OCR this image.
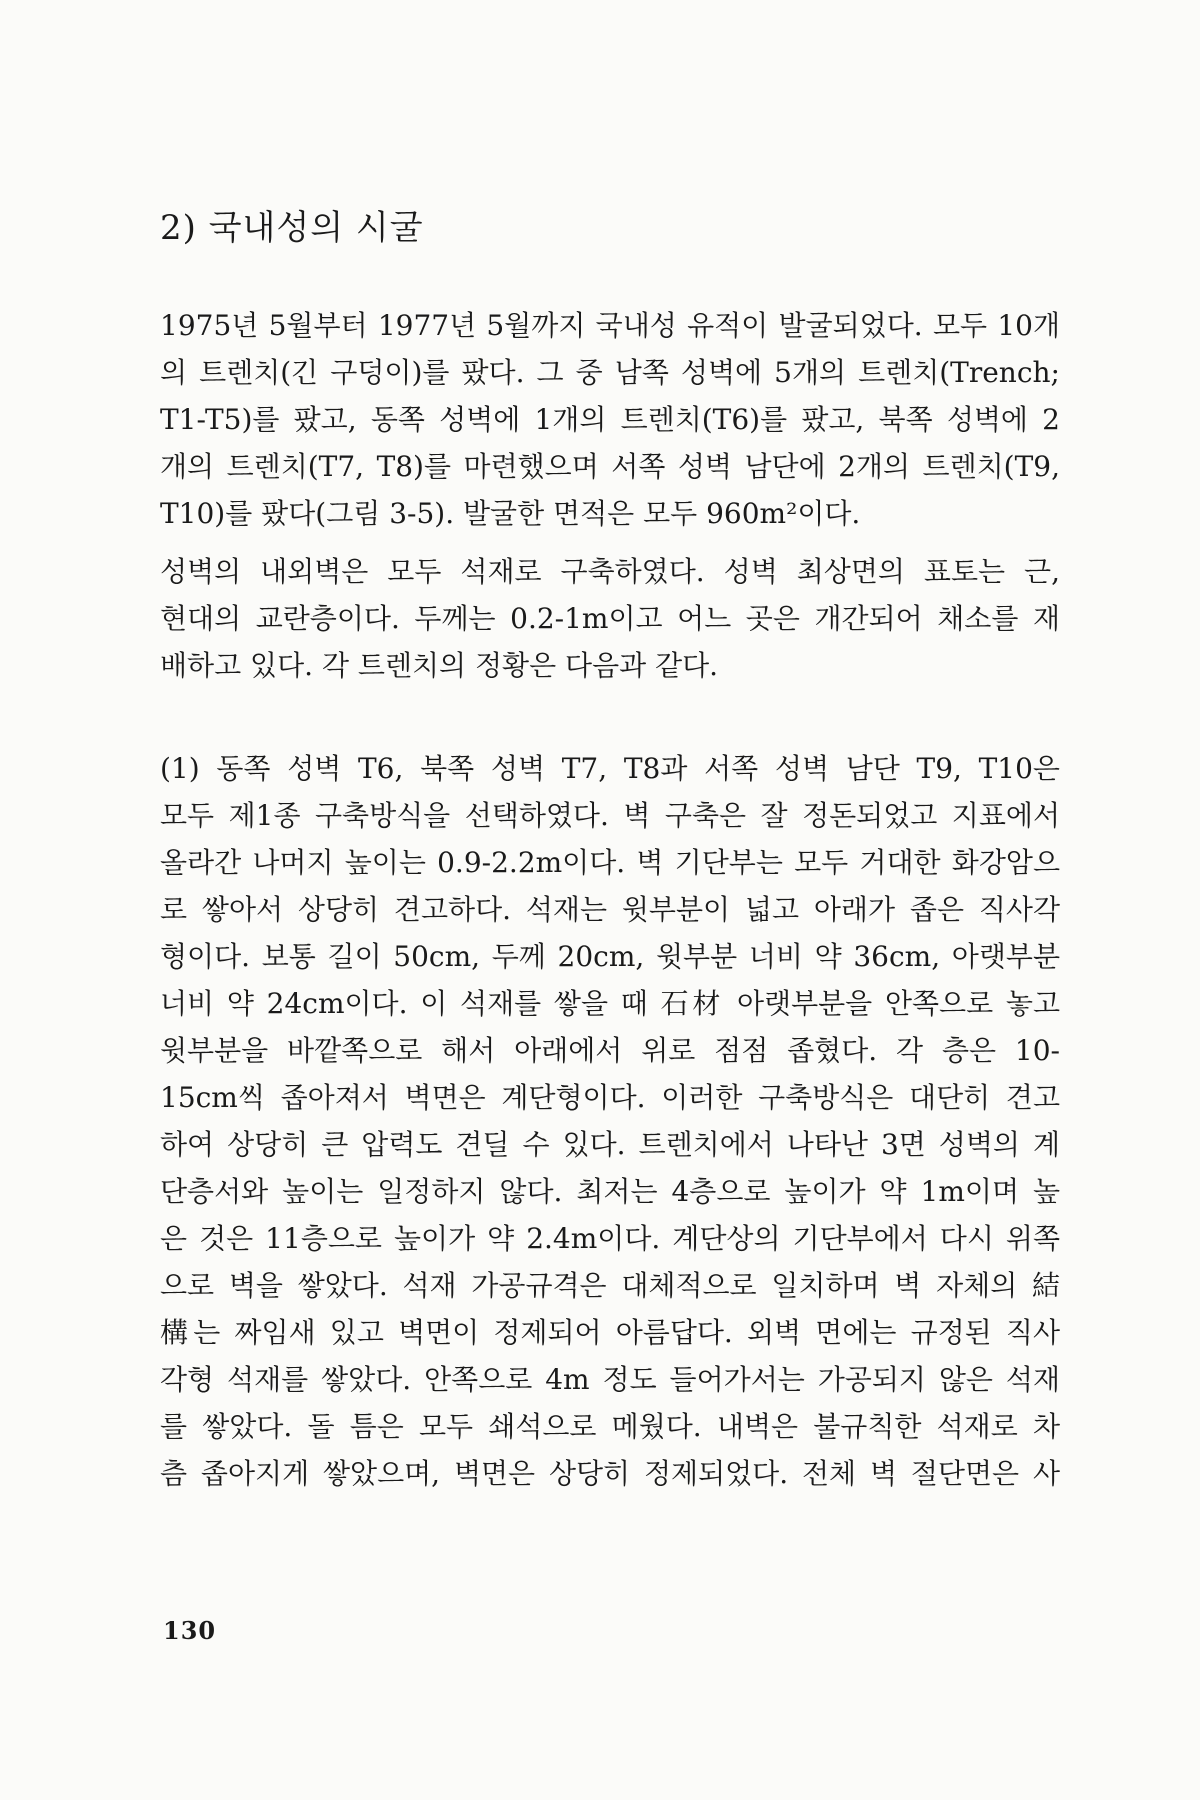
2) 국내성의 시굴
1975년 5월부터 1977년 5월까지 국내성 유적이 발굴되었다. 모두 10개
의 트렌치(긴 구덩이)를 팠다. 그 중 남쪽 성벽에 5개의 트렌치(Trench;
T1-T5)를 팠고, 동쪽 성벽에 1개의 트렌치(T6)를 팠고, 북쪽 성벽에 2
개의 트렌치(T7, T8)를 마련했으며 서쪽 성벽 남단에 2개의 트렌치(T9,
T10)를 팠다(그림 3-5). 발굴한 면적은 모두 960m²이다.
성벽의 내외벽은 모두 석재로 구축하였다. 성벽 최상면의 표토는 근,
현대의 교란층이다. 두께는 0.2-1m이고 어느 곳은 개간되어 채소를 재
배하고 있다. 각 트렌치의 정황은 다음과 같다.
(1) 동쪽 성벽 T6, 북쪽 성벽 T7, T8과 서쪽 성벽 남단 T9, T10은
모두 제1종 구축방식을 선택하였다. 벽 구축은 잘 정돈되었고 지표에서
올라간 나머지 높이는 0.9-2.2m이다. 벽 기단부는 모두 거대한 화강암으
로 쌓아서 상당히 견고하다. 석재는 윗부분이 넓고 아래가 좁은 직사각
형이다. 보통 길이 50cm, 두께 20cm, 윗부분 너비 약 36cm, 아랫부분
너비 약 24cm이다. 이 석재를 쌓을 때 石材 아랫부분을 안쪽으로 놓고
윗부분을 바깥쪽으로 해서 아래에서 위로 점점 좁혔다. 각 층은 10-
15cm씩 좁아져서 벽면은 계단형이다. 이러한 구축방식은 대단히 견고
하여 상당히 큰 압력도 견딜 수 있다. 트렌치에서 나타난 3면 성벽의 계
단층서와 높이는 일정하지 않다. 최저는 4층으로 높이가 약 1m이며 높
은 것은 11층으로 높이가 약 2.4m이다. 계단상의 기단부에서 다시 위쪽
으로 벽을 쌓았다. 석재 가공규격은 대체적으로 일치하며 벽 자체의 結
構는 짜임새 있고 벽면이 정제되어 아름답다. 외벽 면에는 규정된 직사
각형 석재를 쌓았다. 안쪽으로 4m 정도 들어가서는 가공되지 않은 석재
를 쌓았다. 돌 틈은 모두 쇄석으로 메웠다. 내벽은 불규칙한 석재로 차
츰 좁아지게 쌓았으며, 벽면은 상당히 정제되었다. 전체 벽 절단면은 사
130
